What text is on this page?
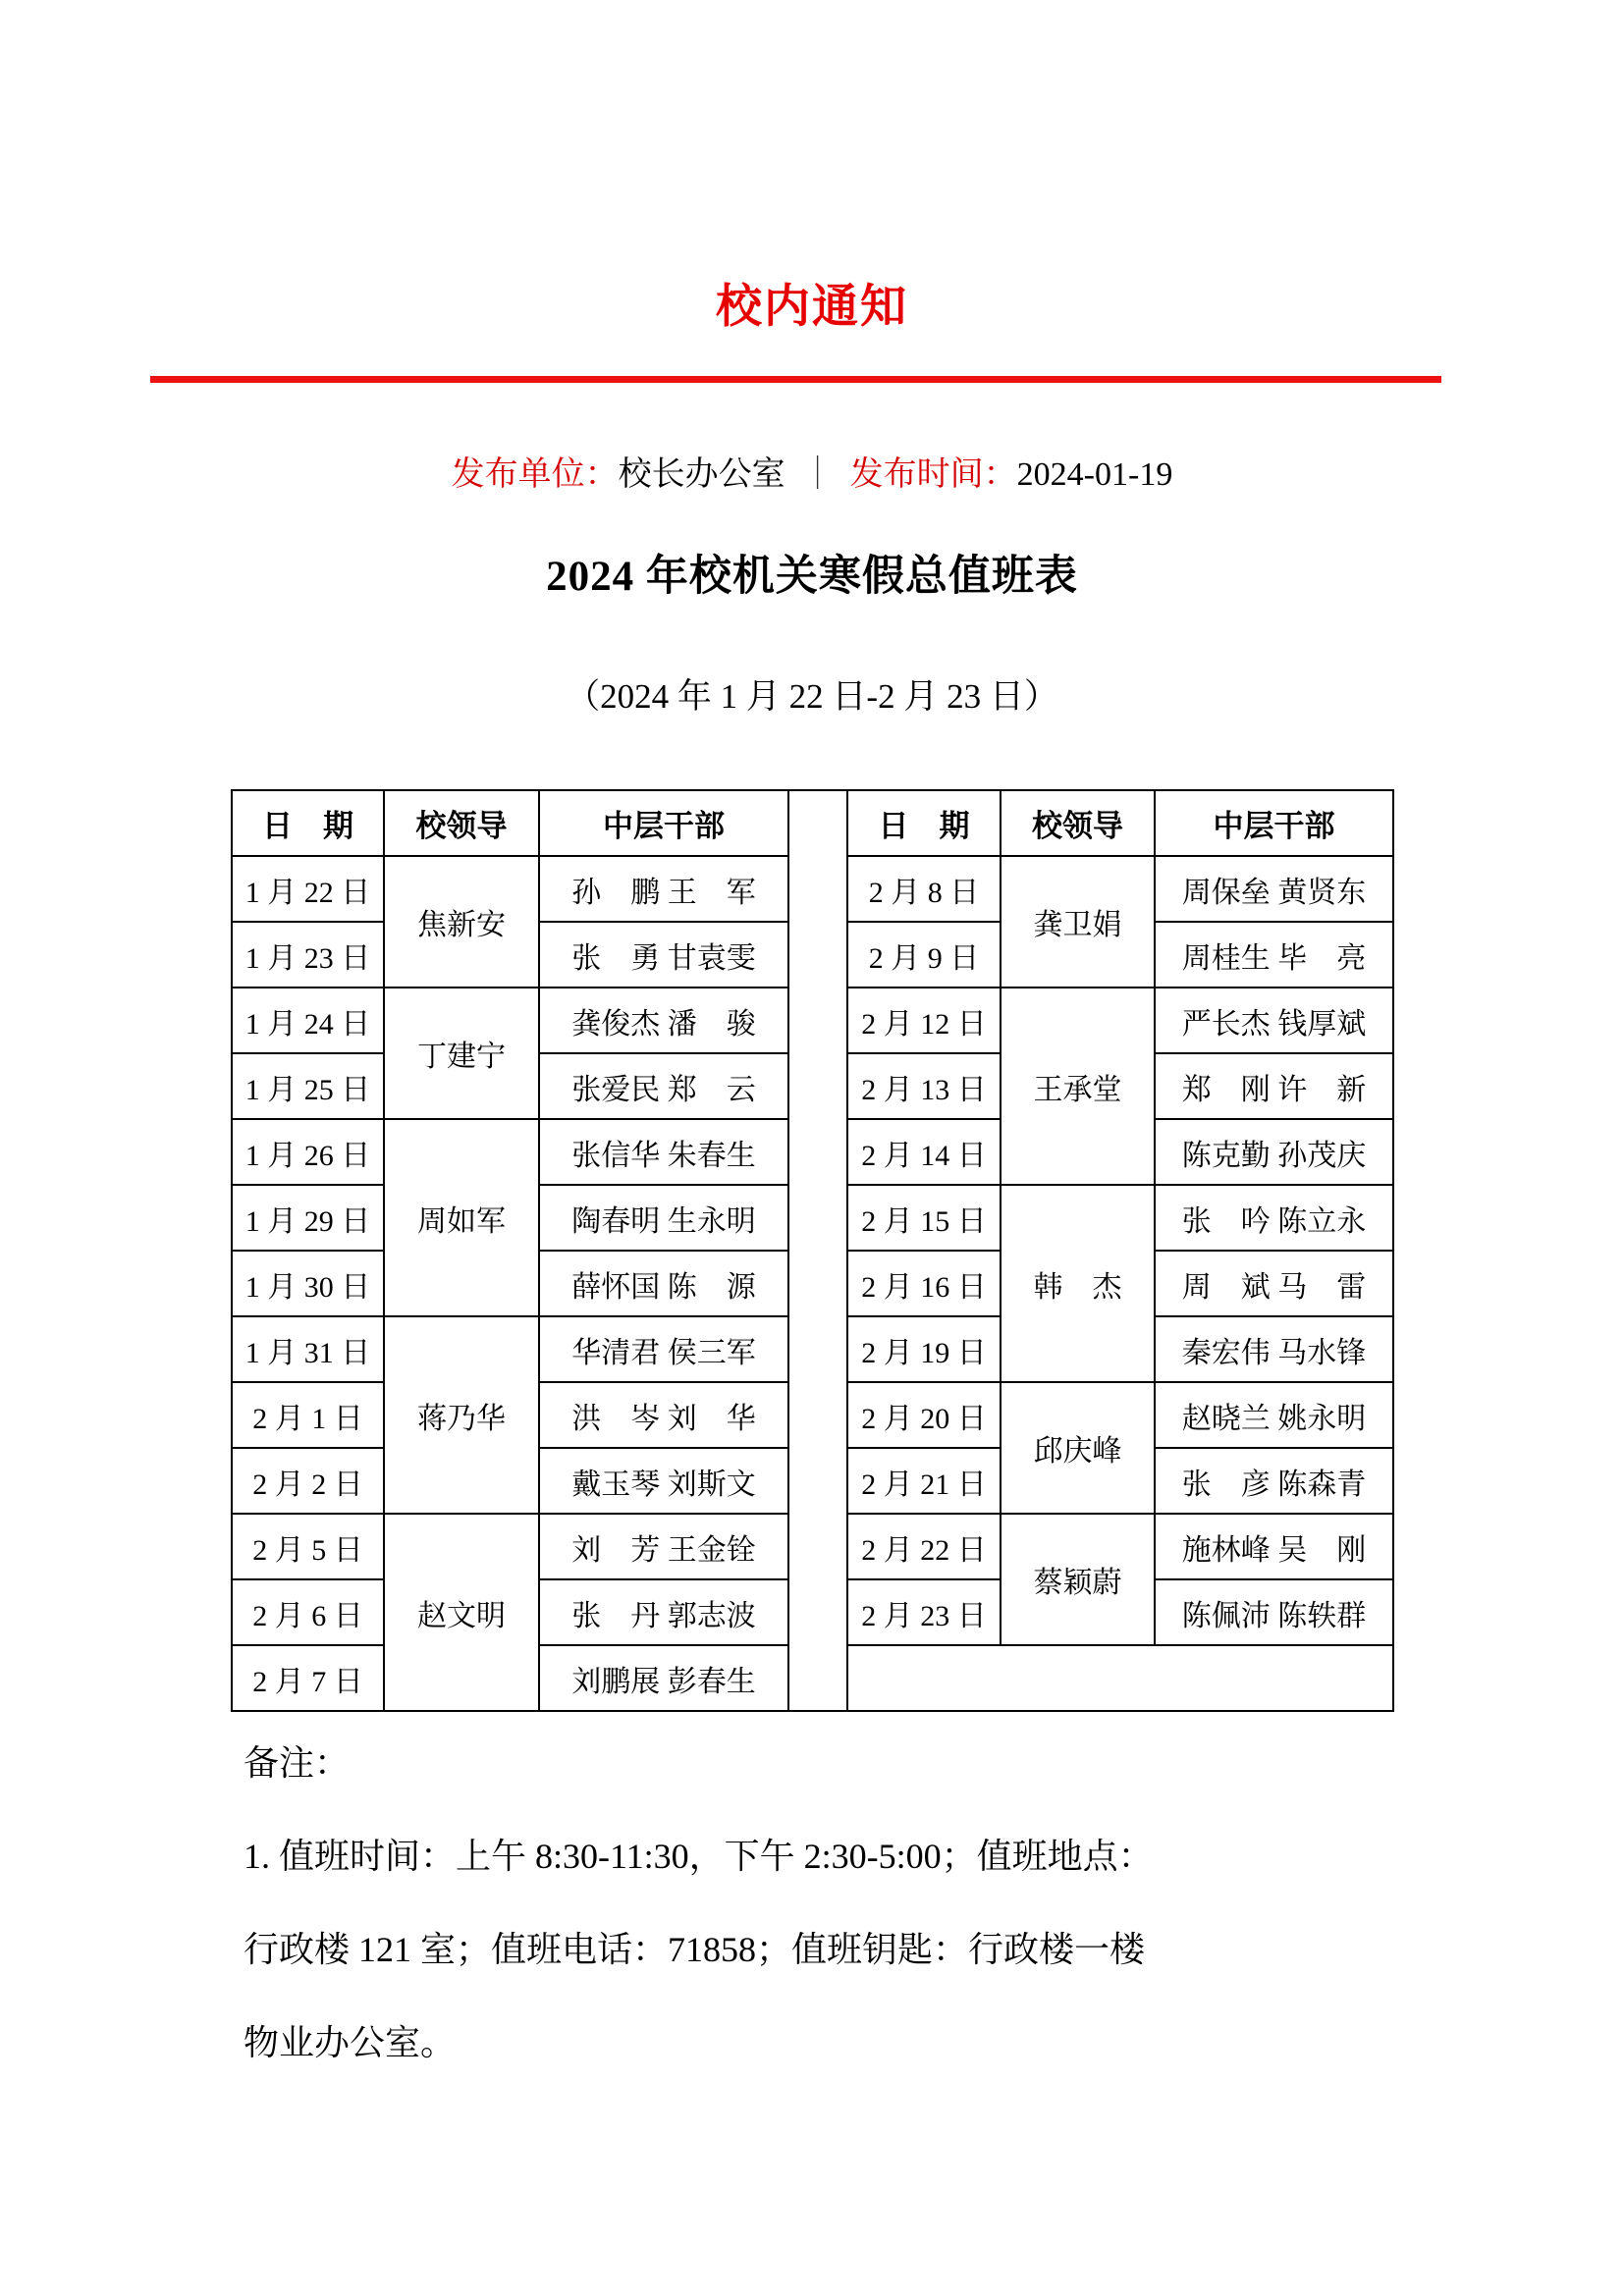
校内通知
发布单位：校长办公室 ｜ 发布时间：2024-01-19
2024 年校机关寒假总值班表
（2024 年 1 月 22 日-2 月 23 日）
日　期	校领导	中层干部		日　期	校领导	中层干部
1 月 22 日	焦新安	孙　鹏 王　军		2 月 8 日	龚卫娟	周保垒 黄贤东
1 月 23 日		张　勇 甘袁雯		2 月 9 日		周桂生 毕　亮
1 月 24 日	丁建宁	龚俊杰 潘　骏		2 月 12 日	王承堂	严长杰 钱厚斌
1 月 25 日		张爱民 郑　云		2 月 13 日		郑　刚 许　新
1 月 26 日	周如军	张信华 朱春生		2 月 14 日		陈克勤 孙茂庆
1 月 29 日		陶春明 生永明		2 月 15 日	韩　杰	张　吟 陈立永
1 月 30 日		薛怀国 陈　源		2 月 16 日		周　斌 马　雷
1 月 31 日	蒋乃华	华清君 侯三军		2 月 19 日		秦宏伟 马水锋
2 月 1 日		洪　岑 刘　华		2 月 20 日	邱庆峰	赵晓兰 姚永明
2 月 2 日		戴玉琴 刘斯文		2 月 21 日		张　彦 陈森青
2 月 5 日	赵文明	刘　芳 王金铨		2 月 22 日	蔡颖蔚	施林峰 吴　刚
2 月 6 日		张　丹 郭志波		2 月 23 日		陈佩沛 陈轶群
2 月 7 日		刘鹏展 彭春生				
备注：
1. 值班时间：上午 8:30-11:30，下午 2:30-5:00；值班地点：
行政楼 121 室；值班电话：71858；值班钥匙：行政楼一楼
物业办公室。
